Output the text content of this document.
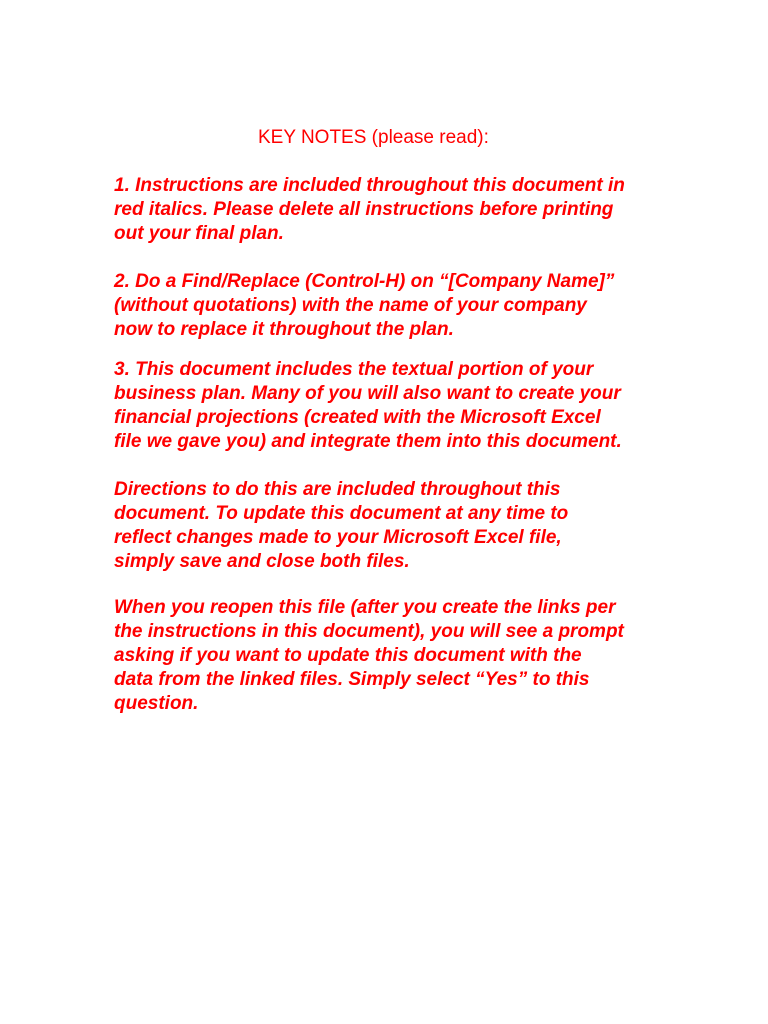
KEY NOTES (please read):

1. Instructions are included throughout this document in
red italics. Please delete all instructions before printing
out your final plan.

2. Do a Find/Replace (Control-H) on “[Company Name]”
(without quotations) with the name of your company
now to replace it throughout the plan.

3. This document includes the textual portion of your
business plan. Many of you will also want to create your
financial projections (created with the Microsoft Excel
file we gave you) and integrate them into this document.

Directions to do this are included throughout this
document. To update this document at any time to
reflect changes made to your Microsoft Excel file,
simply save and close both files.

When you reopen this file (after you create the links per
the instructions in this document), you will see a prompt
asking if you want to update this document with the
data from the linked files. Simply select “Yes” to this
question.
